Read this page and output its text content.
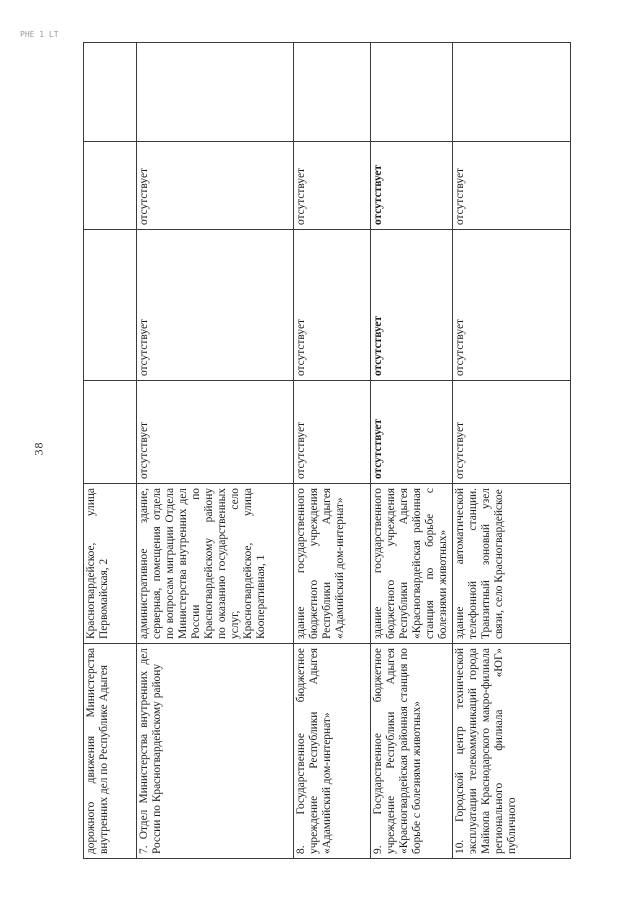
PHE 1 LT
38
дорожного движения Министерства внутренних дел по Республике Адыгея	Красногвардейское, улица Первомайская, 2				
7. Отдел Министерства внутренних дел России по Красногвардейскому району	административное здание, серверная, помещения отдела по вопросам миграции Отдела Министерства внутренних дел России по Красногвардейскому району по оказанию государственных услуг, село Красногвардейское, улица Кооперативная, 1	отсутствует	отсутствует	отсутствует	
8. Государственное бюджетное учреждение Республики Адыгея «Адамийский дом-интернат»	здание государственного бюджетного учреждения Республики Адыгея «Адамийский дом-интернат»	отсутствует	отсутствует	отсутствует	
9. Государственное бюджетное учреждение Республики Адыгея «Красногвардейская районная станция по борьбе с болезнями животных»	здание государственного бюджетного учреждения Республики Адыгея «Красногвардейская районная станция по борьбе с болезнями животных»	отсутствует	отсутствует	отсутствует	
10. Городской центр технической эксплуатации телекоммуникаций города Майкопа Краснодарского макро-филиала регионального филиала «ЮГ» публичного	здание автоматической телефонной станции. Транзитный зоновый узел связи, село Красногвардейское	отсутствует	отсутствует	отсутствует	
